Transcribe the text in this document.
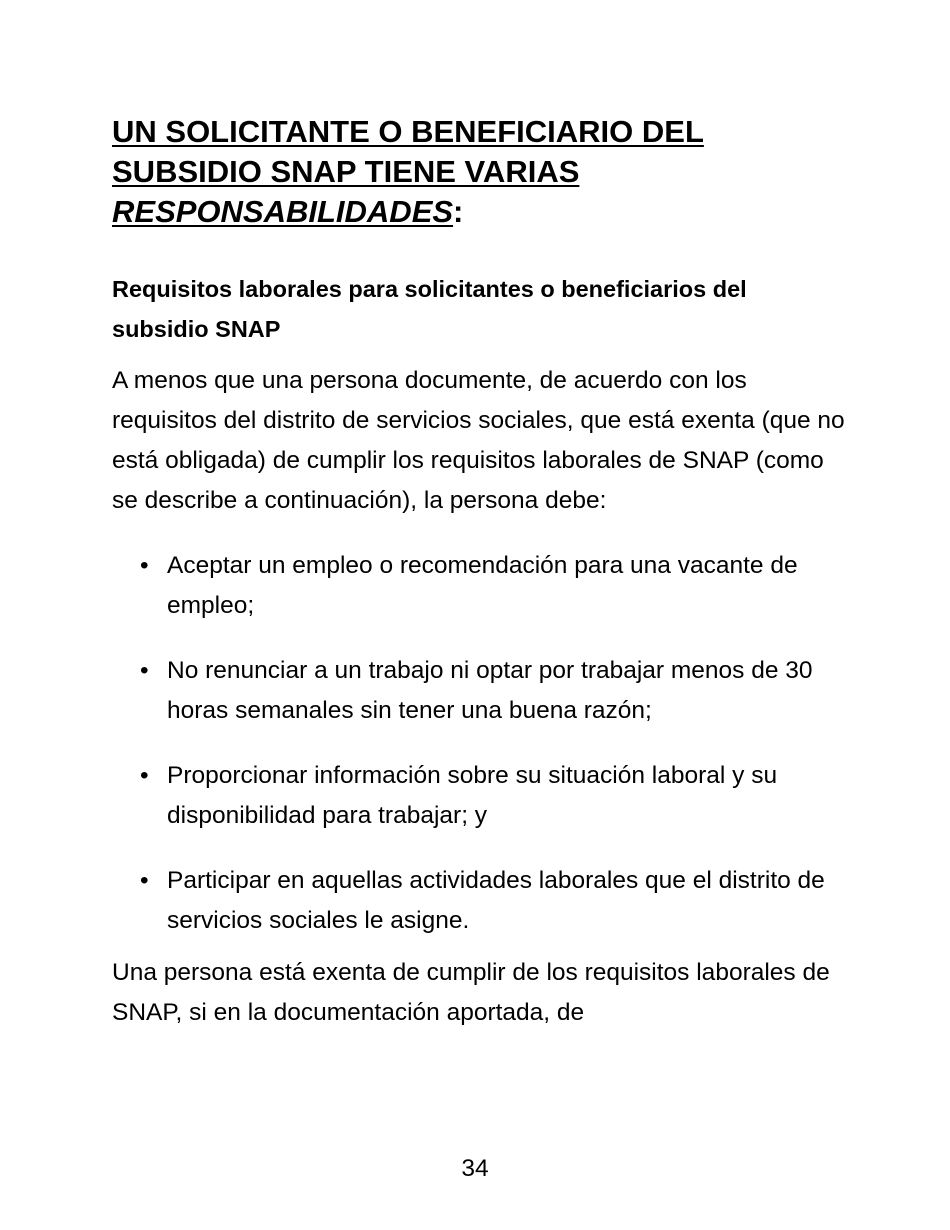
UN SOLICITANTE O BENEFICIARIO DEL
SUBSIDIO SNAP TIENE VARIAS
RESPONSABILIDADES:

Requisitos laborales para solicitantes o beneficiarios del subsidio SNAP

A menos que una persona documente, de acuerdo con los requisitos del distrito de servicios sociales, que está exenta (que no está obligada) de cumplir los requisitos laborales de SNAP (como se describe a continuación), la persona debe:

• Aceptar un empleo o recomendación para una vacante de empleo;
• No renunciar a un trabajo ni optar por trabajar menos de 30 horas semanales sin tener una buena razón;
• Proporcionar información sobre su situación laboral y su disponibilidad para trabajar; y
• Participar en aquellas actividades laborales que el distrito de servicios sociales le asigne.

Una persona está exenta de cumplir de los requisitos laborales de SNAP, si en la documentación aportada, de

34
